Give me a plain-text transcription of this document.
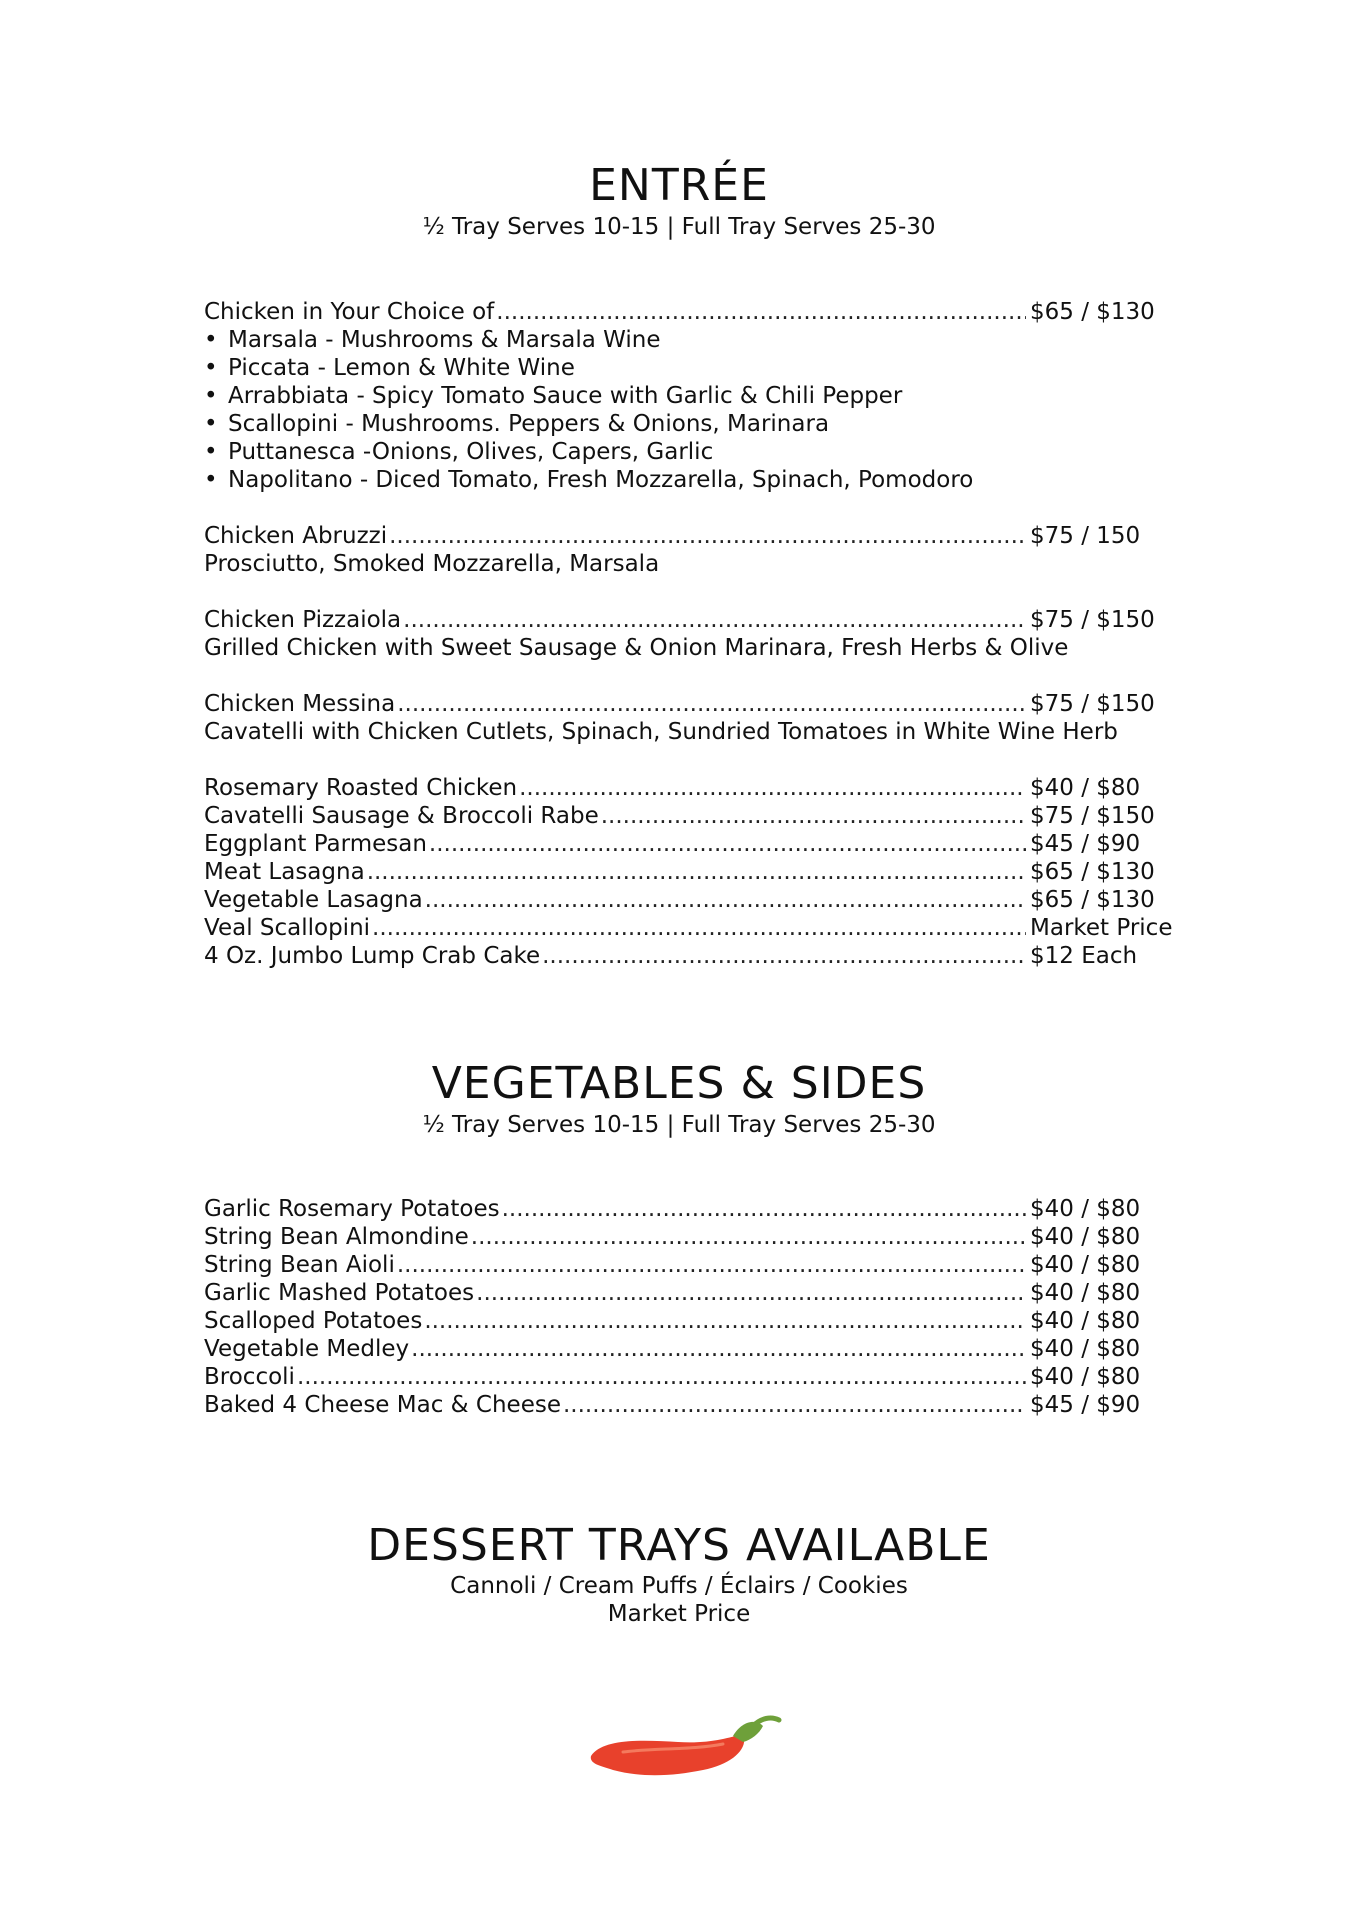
ENTRÉE

½ Tray Serves 10-15 | Full Tray Serves 25-30

Chicken in Your Choice of .....	$65 / $130
• Marsala - Mushrooms & Marsala Wine
• Piccata - Lemon & White Wine
• Arrabbiata - Spicy Tomato Sauce with Garlic & Chili Pepper
• Scallopini - Mushrooms. Peppers & Onions, Marinara
• Puttanesca -Onions, Olives, Capers, Garlic
• Napolitano - Diced Tomato, Fresh Mozzarella, Spinach, Pomodoro
Chicken Abruzzi .....	$75 / 150
Prosciutto, Smoked Mozzarella, Marsala
Chicken Pizzaiola .....	$75 / $150
Grilled Chicken with Sweet Sausage & Onion Marinara, Fresh Herbs & Olive
Chicken Messina .....	$75 / $150
Cavatelli with Chicken Cutlets, Spinach, Sundried Tomatoes in White Wine Herb
Rosemary Roasted Chicken .....	$40 / $80
Cavatelli Sausage & Broccoli Rabe .....	$75 / $150
Eggplant Parmesan .....	$45 / $90
Meat Lasagna .....	$65 / $130
Vegetable Lasagna .....	$65 / $130
Veal Scallopini .....	Market Price
4 Oz. Jumbo Lump Crab Cake .....	$12 Each
VEGETABLES & SIDES

½ Tray Serves 10-15 | Full Tray Serves 25-30

Garlic Rosemary Potatoes .....	$40 / $80
String Bean Almondine .....	$40 / $80
String Bean Aioli .....	$40 / $80
Garlic Mashed Potatoes .....	$40 / $80
Scalloped Potatoes .....	$40 / $80
Vegetable Medley .....	$40 / $80
Broccoli .....	$40 / $80
Baked 4 Cheese Mac & Cheese .....	$45 / $90
DESSERT TRAYS AVAILABLE

Cannoli / Cream Puffs / Éclairs / Cookies

Market Price
